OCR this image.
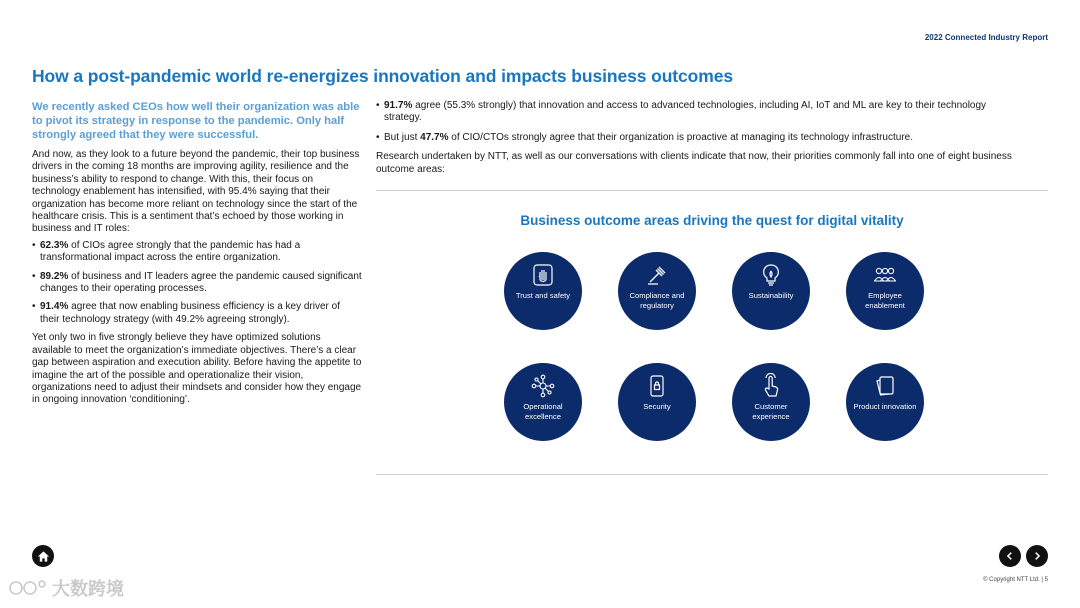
2022 Connected Industry Report
How a post-pandemic world re-energizes innovation and impacts business outcomes

We recently asked CEOs how well their organization was able to pivot its strategy in response to the pandemic. Only half strongly agreed that they were successful.

And now, as they look to a future beyond the pandemic, their top business drivers in the coming 18 months are improving agility, resilience and the business’s ability to respond to change. With this, their focus on technology enablement has intensified, with 95.4% saying that their organization has become more reliant on technology since the start of the healthcare crisis. This is a sentiment that’s echoed by those working in business and IT roles:

• 62.3% of CIOs agree strongly that the pandemic has had a transformational impact across the entire organization.
• 89.2% of business and IT leaders agree the pandemic caused significant changes to their operating processes.
• 91.4% agree that now enabling business efficiency is a key driver of their technology strategy (with 49.2% agreeing strongly).

Yet only two in five strongly believe they have optimized solutions available to meet the organization’s immediate objectives. There’s a clear gap between aspiration and execution ability. Before having the appetite to imagine the art of the possible and operationalize their vision, organizations need to adjust their mindsets and consider how they engage in ongoing innovation ‘conditioning’.

• 91.7% agree (55.3% strongly) that innovation and access to advanced technologies, including AI, IoT and ML are key to their technology strategy.
• But just 47.7% of CIO/CTOs strongly agree that their organization is proactive at managing its technology infrastructure.

Research undertaken by NTT, as well as our conversations with clients indicate that now, their priorities commonly fall into one of eight business outcome areas:

Business outcome areas driving the quest for digital vitality
Trust and safety	Compliance and regulatory
Sustainability	Employee enablement
Operational excellence
Security	Customer experience
Product innovation
© Copyright NTT Ltd. | 5
大数跨境
